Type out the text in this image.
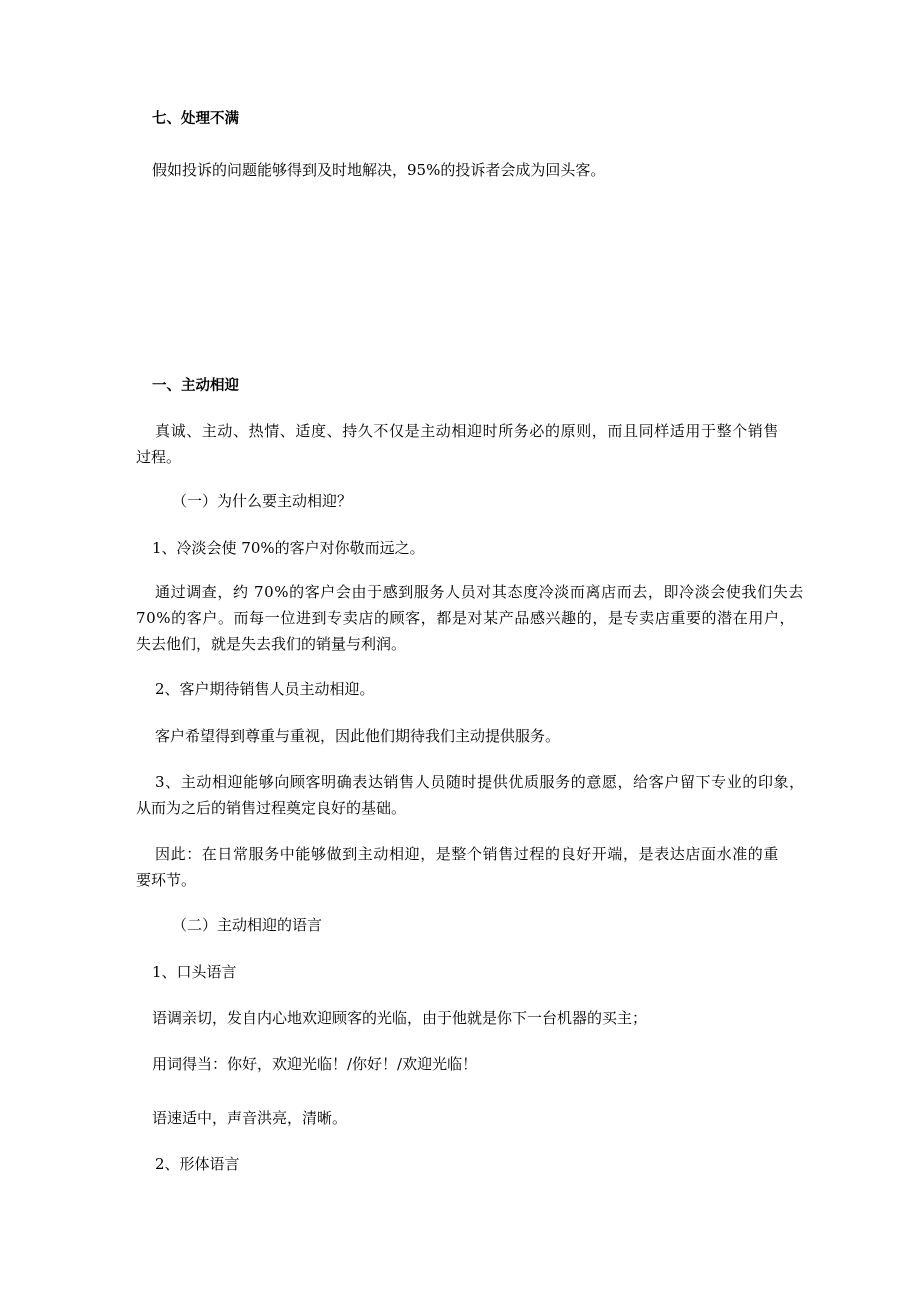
七、处理不满
假如投诉的问题能够得到及时地解决，95%的投诉者会成为回头客。
一、主动相迎
真诚、主动、热情、适度、持久不仅是主动相迎时所务必的原则，而且同样适用于整个销售
过程。
（一）为什么要主动相迎？
1、冷淡会使 70%的客户对你敬而远之。
通过调查，约 70%的客户会由于感到服务人员对其态度冷淡而离店而去，即冷淡会使我们失去
70%的客户。而每一位进到专卖店的顾客，都是对某产品感兴趣的，是专卖店重要的潜在用户，
失去他们，就是失去我们的销量与利润。
2、客户期待销售人员主动相迎。
客户希望得到尊重与重视，因此他们期待我们主动提供服务。
3、主动相迎能够向顾客明确表达销售人员随时提供优质服务的意愿，给客户留下专业的印象，
从而为之后的销售过程奠定良好的基础。
因此：在日常服务中能够做到主动相迎，是整个销售过程的良好开端，是表达店面水准的重
要环节。
（二）主动相迎的语言
1、口头语言
语调亲切，发自内心地欢迎顾客的光临，由于他就是你下一台机器的买主；
用词得当：你好，欢迎光临！/你好！/欢迎光临！
语速适中，声音洪亮，清晰。
2、形体语言
